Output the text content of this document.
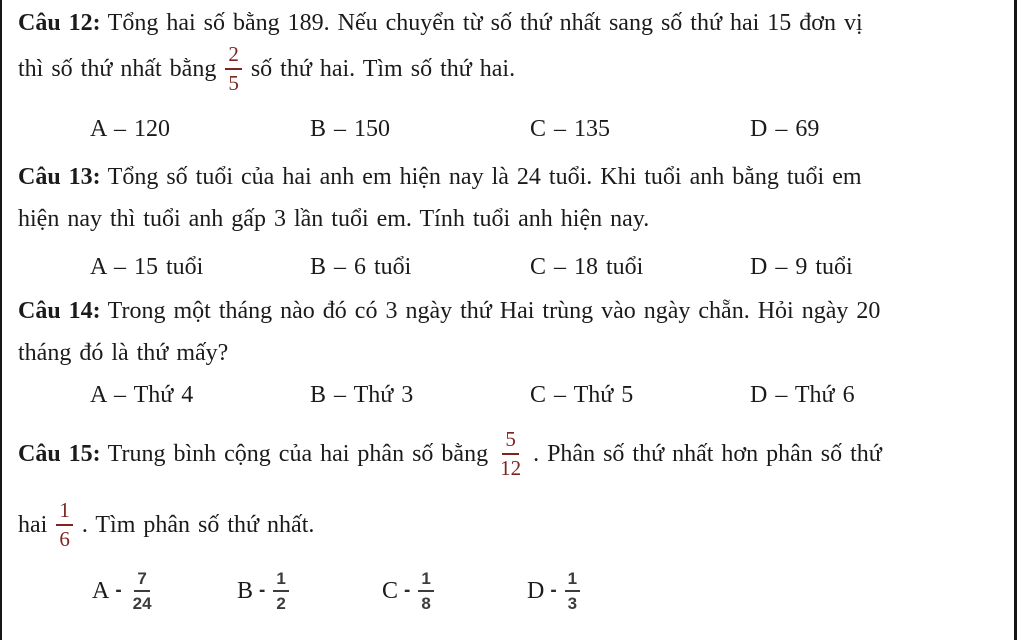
Câu 12: Tổng hai số bằng 189. Nếu chuyển từ số thứ nhất sang số thứ hai 15 đơn vị

thì số thứ nhất bằng $\frac{2}{5}$ số thứ hai. Tìm số thứ hai.
A – 120	B – 150	C – 135	D – 69

Câu 13: Tổng số tuổi của hai anh em hiện nay là 24 tuổi. Khi tuổi anh bằng tuổi em

hiện nay thì tuổi anh gấp 3 lần tuổi em. Tính tuổi anh hiện nay.

A – 15 tuổi	B – 6 tuổi	C – 18 tuổi	D – 9 tuổi

Câu 14: Trong một tháng nào đó có 3 ngày thứ Hai trùng vào ngày chẵn. Hỏi ngày 20

tháng đó là thứ mấy?

A – Thứ 4	B – Thứ 3	C – Thứ 5	D – Thứ 6
Câu 15: Trung bình cộng của hai phân số bằng $\frac{5}{12}$ . Phân số thứ nhất hơn phân số thứ
hai $\frac{1}{6}$ . Tìm phân số thứ nhất.
A - $\frac{7}{24}$	B - $\frac{1}{2}$	C - $\frac{1}{8}$	D - $\frac{1}{3}$
